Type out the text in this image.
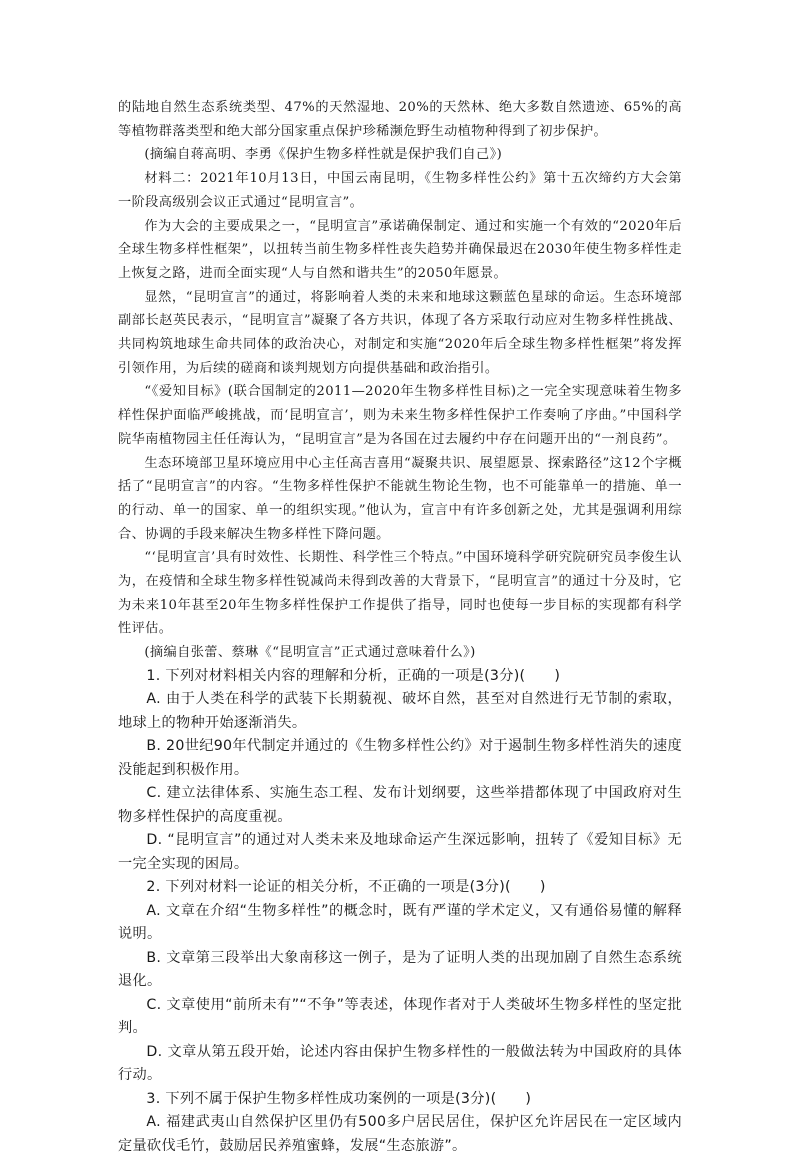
的陆地自然生态系统类型、47%的天然湿地、20%的天然林、绝大多数自然遗迹、65%的高等植物群落类型和绝大部分国家重点保护珍稀濒危野生动植物种得到了初步保护。

(摘编自蒋高明、李勇《保护生物多样性就是保护我们自己》)

材料二：2021年10月13日，中国云南昆明，《生物多样性公约》第十五次缔约方大会第一阶段高级别会议正式通过“昆明宣言”。

作为大会的主要成果之一，“昆明宣言”承诺确保制定、通过和实施一个有效的“2020年后全球生物多样性框架”，以扭转当前生物多样性丧失趋势并确保最迟在2030年使生物多样性走上恢复之路，进而全面实现“人与自然和谐共生”的2050年愿景。

显然，“昆明宣言”的通过，将影响着人类的未来和地球这颗蓝色星球的命运。生态环境部副部长赵英民表示，“昆明宣言”凝聚了各方共识，体现了各方采取行动应对生物多样性挑战、共同构筑地球生命共同体的政治决心，对制定和实施“2020年后全球生物多样性框架”将发挥引领作用，为后续的磋商和谈判规划方向提供基础和政治指引。

“《爱知目标》(联合国制定的2011—2020年生物多样性目标)之一完全实现意味着生物多样性保护面临严峻挑战，而‘昆明宣言’，则为未来生物多样性保护工作奏响了序曲。”中国科学院华南植物园主任任海认为，“昆明宣言”是为各国在过去履约中存在问题开出的“一剂良药”。

生态环境部卫星环境应用中心主任高吉喜用“凝聚共识、展望愿景、探索路径”这12个字概括了“昆明宣言”的内容。“生物多样性保护不能就生物论生物，也不可能靠单一的措施、单一的行动、单一的国家、单一的组织实现。”他认为，宣言中有许多创新之处，尤其是强调利用综合、协调的手段来解决生物多样性下降问题。

“‘昆明宣言’具有时效性、长期性、科学性三个特点。”中国环境科学研究院研究员李俊生认为，在疫情和全球生物多样性锐减尚未得到改善的大背景下，“昆明宣言”的通过十分及时，它为未来10年甚至20年生物多样性保护工作提供了指导，同时也使每一步目标的实现都有科学性评估。

(摘编自张蕾、蔡琳《“昆明宣言”正式通过意味着什么》)

1. 下列对材料相关内容的理解和分析，正确的一项是(3分)(　　)

A. 由于人类在科学的武装下长期藐视、破坏自然，甚至对自然进行无节制的索取，地球上的物种开始逐渐消失。

B. 20世纪90年代制定并通过的《生物多样性公约》对于遏制生物多样性消失的速度没能起到积极作用。

C. 建立法律体系、实施生态工程、发布计划纲要，这些举措都体现了中国政府对生物多样性保护的高度重视。

D. “昆明宣言”的通过对人类未来及地球命运产生深远影响，扭转了《爱知目标》无一完全实现的困局。

2. 下列对材料一论证的相关分析，不正确的一项是(3分)(　　)

A. 文章在介绍“生物多样性”的概念时，既有严谨的学术定义，又有通俗易懂的解释说明。

B. 文章第三段举出大象南移这一例子，是为了证明人类的出现加剧了自然生态系统退化。

C. 文章使用“前所未有”“不争”等表述，体现作者对于人类破坏生物多样性的坚定批判。

D. 文章从第五段开始，论述内容由保护生物多样性的一般做法转为中国政府的具体行动。

3. 下列不属于保护生物多样性成功案例的一项是(3分)(　　)

A. 福建武夷山自然保护区里仍有500多户居民居住，保护区允许居民在一定区域内定量砍伐毛竹，鼓励居民养殖蜜蜂，发展“生态旅游”。
